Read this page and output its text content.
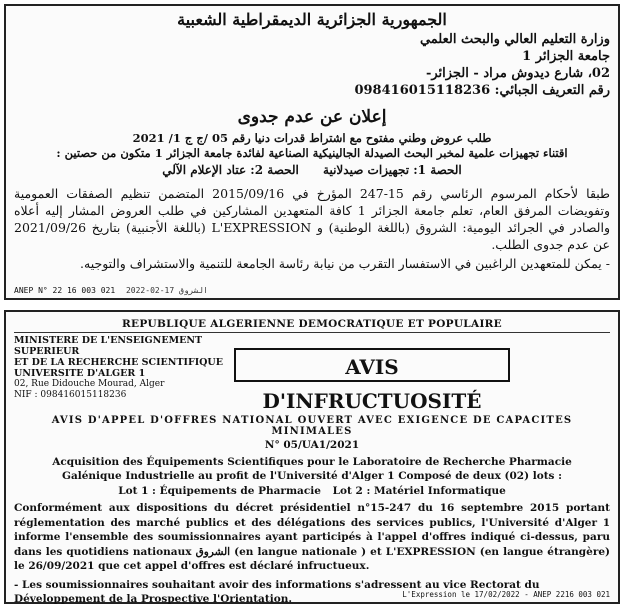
الجمهورية الجزائرية الديمقراطية الشعبية
وزارة التعليم العالي والبحث العلمي
جامعة الجزائر 1
02، شارع ديدوش مراد - الجزائر-
رقم التعريف الجبائي: 098416015118236
إعلان عن عدم جدوى
طلب عروض وطني مفتوح مع اشتراط قدرات دنيا رقم 05 /ج ج 1/ 2021
اقتناء تجهيزات علمية لمخبر البحث الصيدلة الجالينيكية الصناعية لفائدة جامعة الجزائر 1 متكون من حصتين :
الحصة 1: تجهيزات صيدلانية الحصة 2: عتاد الإعلام الآلي
طبقا لأحكام المرسوم الرئاسي رقم 15-247 المؤرخ في 2015/09/16 المتضمن تنظيم الصفقات العمومية وتفويضات المرفق العام، تعلم جامعة الجزائر 1 كافة المتعهدين المشاركين في طلب العروض المشار إليه أعلاه والصادر في الجرائد اليومية: الشروق (باللغة الوطنية) و L'EXPRESSION (باللغة الأجنبية) بتاريخ 2021/09/26 عن عدم جدوى الطلب.
- يمكن للمتعهدين الراغبين في الاستفسار التقرب من نيابة رئاسة الجامعة للتنمية والاستشراف والتوجيه.
ANEP N° 22 16 003 021 2022-02-17 الشروق
REPUBLIQUE ALGERIENNE DEMOCRATIQUE ET POPULAIRE
MINISTERE DE L'ENSEIGNEMENT SUPERIEUR
ET DE LA RECHERCHE SCIENTIFIQUE
UNIVERSITE D'ALGER 1
02, Rue Didouche Mourad, Alger
NIF : 098416015118236
AVIS D'INFRUCTUOSITÉ
AVIS D'APPEL D'OFFRES NATIONAL OUVERT AVEC EXIGENCE DE CAPACITES MINIMALES
N° 05/UA1/2021
Acquisition des Équipements Scientifiques pour le Laboratoire de Recherche Pharmacie Galénique Industrielle au profit de l'Université d'Alger 1 Composé de deux (02) lots :
Lot 1 : Équipements de Pharmacie Lot 2 : Matériel Informatique
Conformément aux dispositions du décret présidentiel n°15-247 du 16 septembre 2015 portant réglementation des marché publics et des délégations des services publics, l'Université d'Alger 1 informe l'ensemble des soumissionnaires ayant participés à l'appel d'offres indiqué ci-dessus, paru dans les quotidiens nationaux الشروق (en langue nationale ) et L'EXPRESSION (en langue étrangère) le 26/09/2021 que cet appel d'offres est déclaré infructueux.
- Les soumissionnaires souhaitant avoir des informations s'adressent au vice Rectorat du Développement de la Prospective l'Orientation.	L'Expression le 17/02/2022 - ANEP 2216 003 021
